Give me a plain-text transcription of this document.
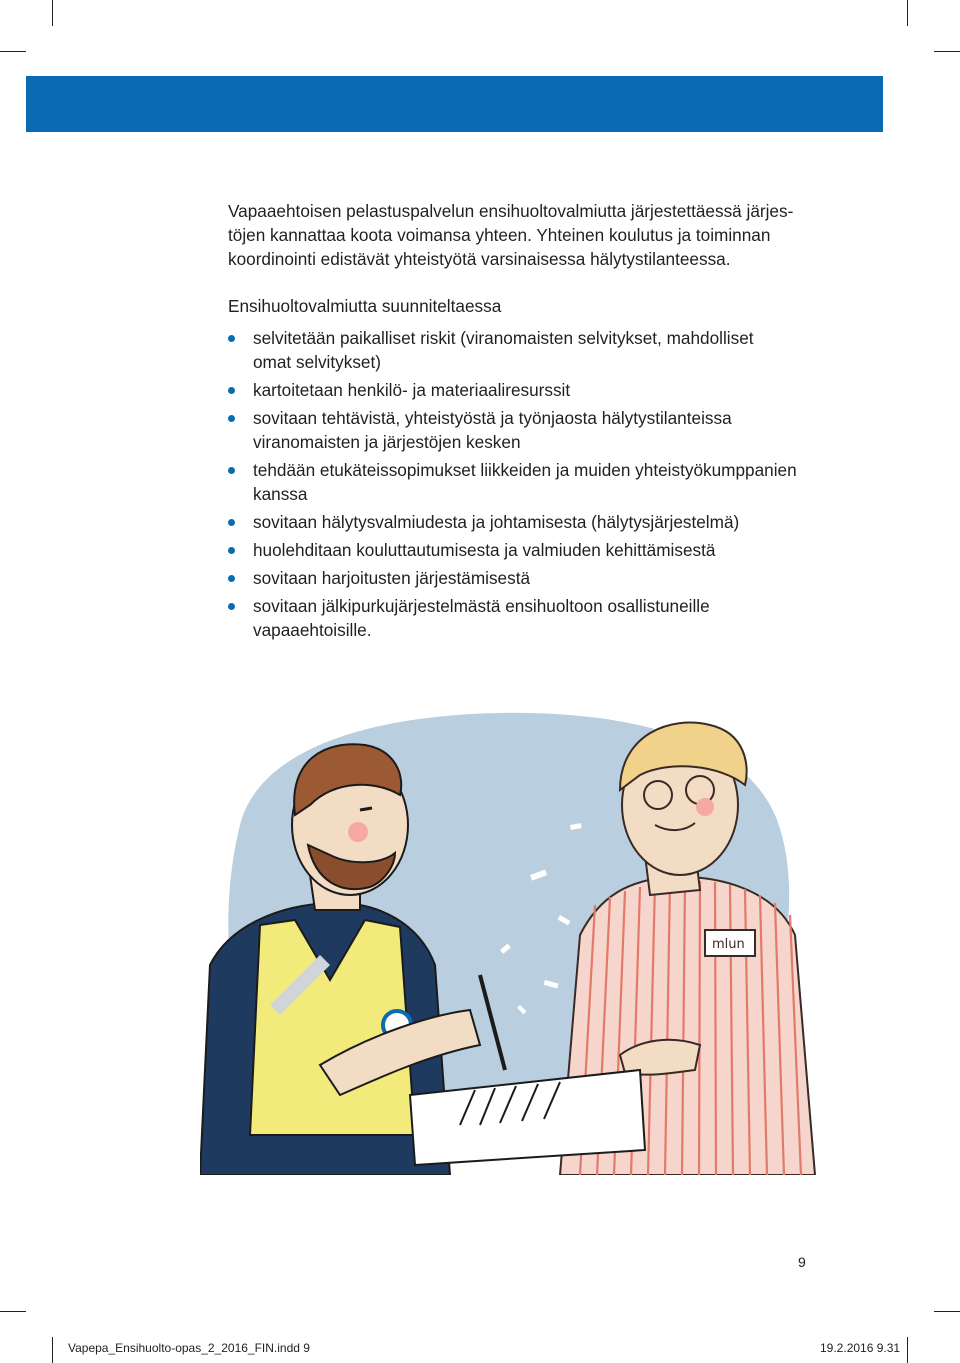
Vapaaehtoisen pelastuspalvelun ensihuoltovalmiutta järjestettäessä järjes-
töjen kannattaa koota voimansa yhteen. Yhteinen koulutus ja toiminnan
koordinointi edistävät yhteistyötä varsinaisessa hälytystilanteessa.

Ensihuoltovalmiutta suunniteltaessa

selvitetään paikalliset riskit (viranomaisten selvitykset, mahdolliset
omat selvitykset)
kartoitetaan henkilö- ja materiaaliresurssit
sovitaan tehtävistä, yhteistyöstä ja työnjaosta hälytystilanteissa
viranomaisten ja järjestöjen kesken
tehdään etukäteissopimukset liikkeiden ja muiden yhteistyökumppanien
kanssa
sovitaan hälytysvalmiudesta ja johtamisesta (hälytysjärjestelmä)
huolehditaan kouluttautumisesta ja valmiuden kehittämisestä
sovitaan harjoitusten järjestämisestä
sovitaan jälkipurkujärjestelmästä ensihuoltoon osallistuneille
vapaaehtoisille.
mlun
9
Vapepa_Ensihuolto-opas_2_2016_FIN.indd 9	19.2.2016 9.31
